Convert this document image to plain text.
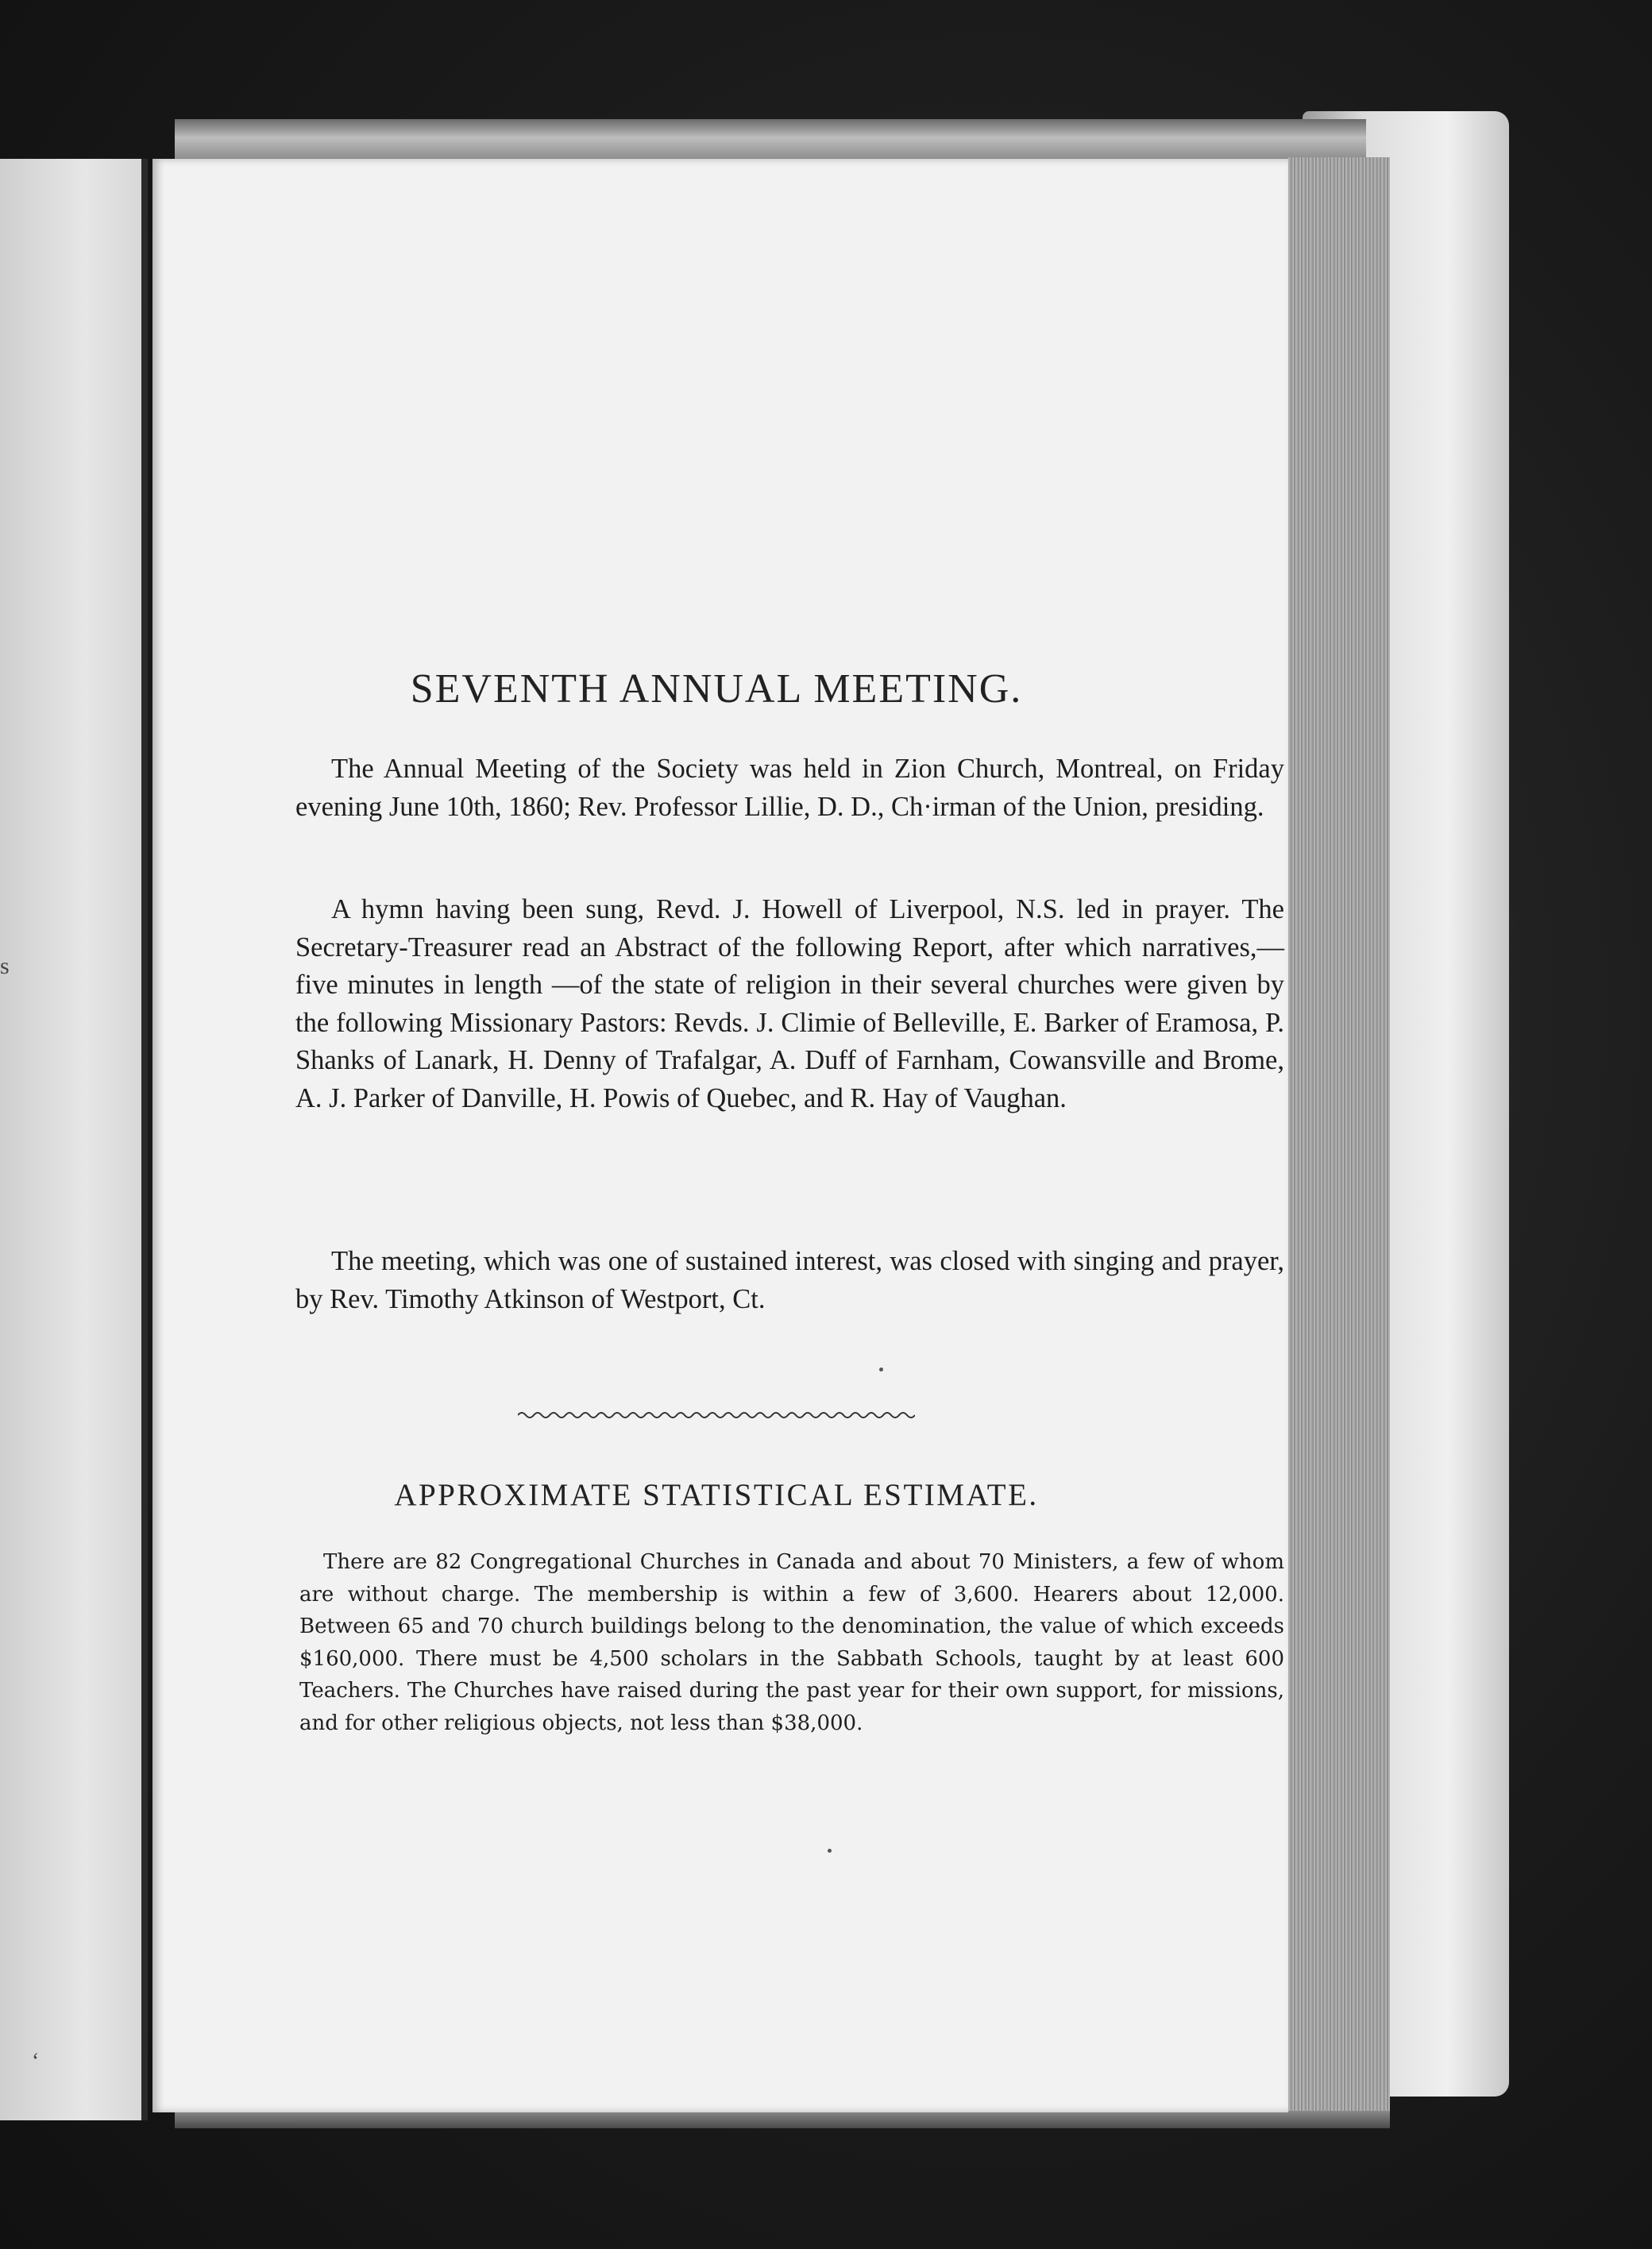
s
ʻ
SEVENTH ANNUAL MEETING.

The Annual Meeting of the Society was held in Zion Church, Montreal, on Friday evening June 10th, 1860; Rev. Professor Lillie, D. D., Ch·irman of the Union, presiding.

A hymn having been sung, Revd. J. Howell of Liverpool, N.S. led in prayer. The Secretary-Treasurer read an Abstract of the following Report, after which narratives,—five minutes in length —of the state of religion in their several churches were given by the following Missionary Pastors: Revds. J. Climie of Belleville, E. Barker of Eramosa, P. Shanks of Lanark, H. Denny of Trafalgar, A. Duff of Farnham, Cowansville and Brome, A. J. Parker of Danville, H. Powis of Quebec, and R. Hay of Vaughan.

The meeting, which was one of sustained interest, was closed with singing and prayer, by Rev. Timothy Atkinson of Westport, Ct.

APPROXIMATE STATISTICAL ESTIMATE.

There are 82 Congregational Churches in Canada and about 70 Ministers, a few of whom are without charge. The membership is within a few of 3,600. Hearers about 12,000. Between 65 and 70 church buildings belong to the denomination, the value of which exceeds $160,000. There must be 4,500 scholars in the Sabbath Schools, taught by at least 600 Teachers. The Churches have raised during the past year for their own support, for missions, and for other religious objects, not less than $38,000.
